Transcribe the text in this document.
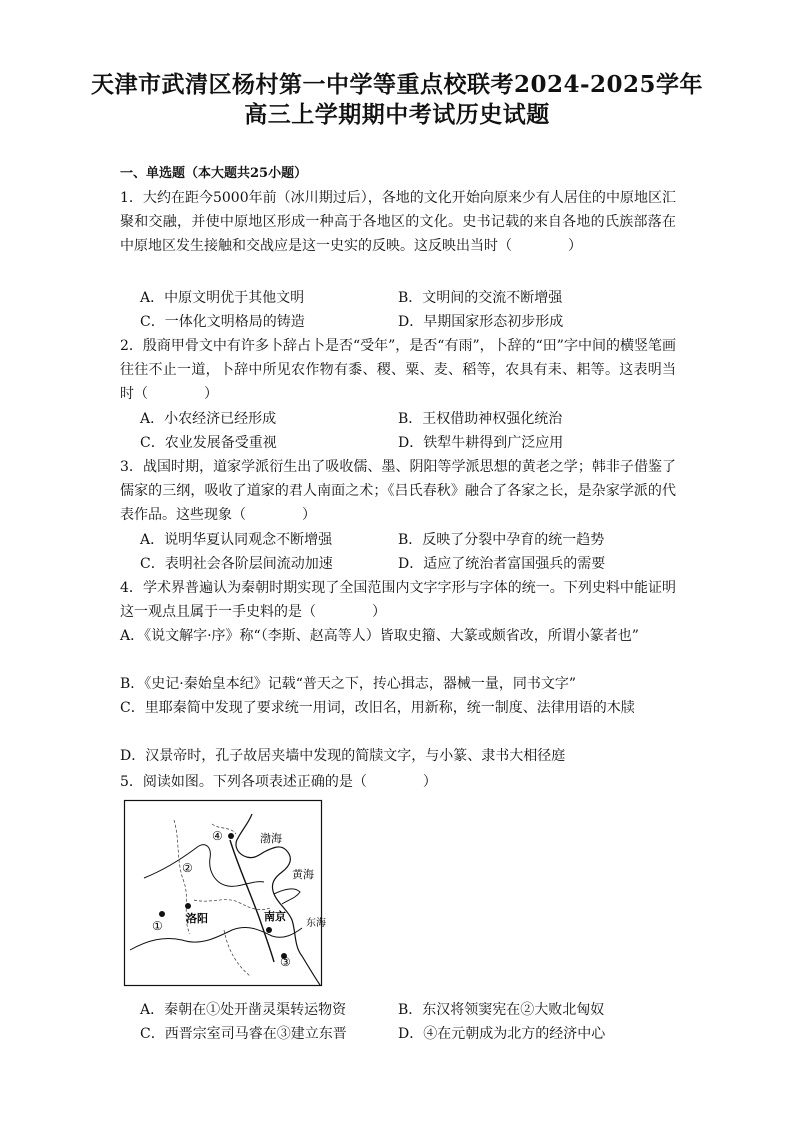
天津市武清区杨村第一中学等重点校联考2024-2025学年
高三上学期期中考试历史试题
一、单选题（本大题共25小题）
1．大约在距今5000年前（冰川期过后），各地的文化开始向原来少有人居住的中原地区汇聚和交融，并使中原地区形成一种高于各地区的文化。史书记载的来自各地的氏族部落在中原地区发生接触和交战应是这一史实的反映。这反映出当时（　　　　）
A．中原文明优于其他文明	B．文明间的交流不断增强
C．一体化文明格局的铸造	D．早期国家形态初步形成
2．殷商甲骨文中有许多卜辞占卜是否“受年”，是否“有雨”，卜辞的“田”字中间的横竖笔画往往不止一道，卜辞中所见农作物有黍、稷、粟、麦、稻等，农具有耒、耜等。这表明当时（　　　　）
A．小农经济已经形成	B．王权借助神权强化统治
C．农业发展备受重视	D．铁犁牛耕得到广泛应用
3．战国时期，道家学派衍生出了吸收儒、墨、阴阳等学派思想的黄老之学；韩非子借鉴了儒家的三纲，吸收了道家的君人南面之术；《吕氏春秋》融合了各家之长，是杂家学派的代表作品。这些现象（　　　　）
A．说明华夏认同观念不断增强	B．反映了分裂中孕育的统一趋势
C．表明社会各阶层间流动加速	D．适应了统治者富国强兵的需要
4．学术界普遍认为秦朝时期实现了全国范围内文字字形与字体的统一。下列史料中能证明这一观点且属于一手史料的是（　　　　）
A．《说文解字·序》称“（李斯、赵高等人）皆取史籀、大篆或颇省改，所谓小篆者也”
B．《史记·秦始皇本纪》记载“普天之下，抟心揖志，器械一量，同书文字”
C．里耶秦简中发现了要求统一用词，改旧名，用新称，统一制度、法律用语的木牍
D．汉景帝时，孔子故居夹墙中发现的简牍文字，与小篆、隶书大相径庭
5．阅读如图。下列各项表述正确的是（　　　　）
渤海
黄海
东海
洛阳	南京
①
②
③
④
A．秦朝在①处开凿灵渠转运物资	B．东汉将领窦宪在②大败北匈奴
C．西晋宗室司马睿在③建立东晋	D．④在元朝成为北方的经济中心
